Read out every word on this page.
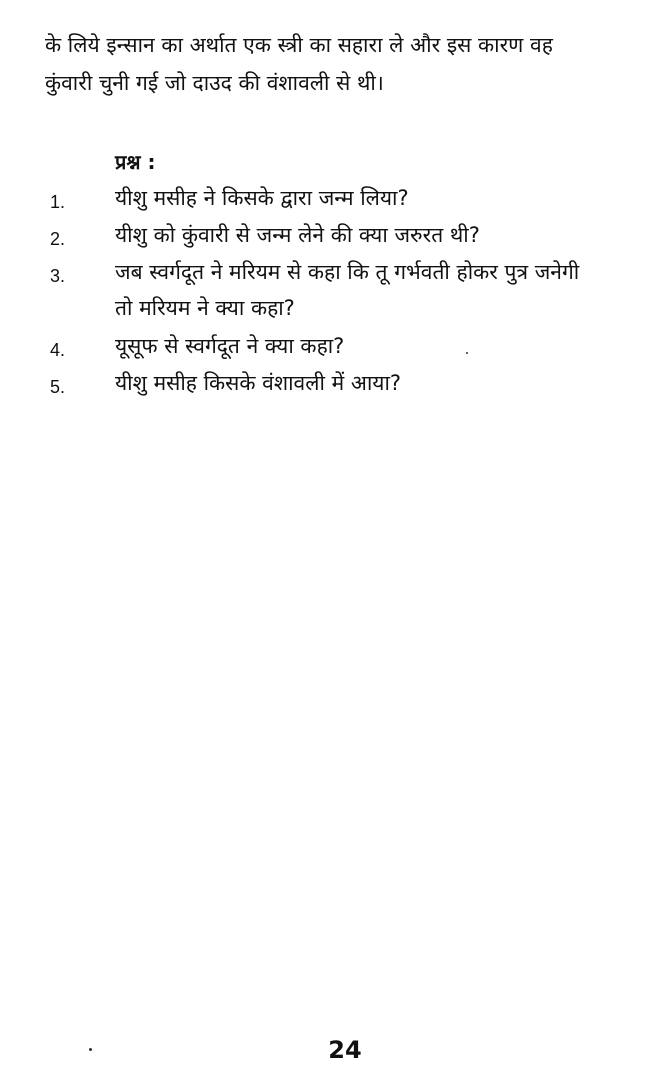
के लिये इन्सान का अर्थात एक स्त्री का सहारा ले और इस कारण वह
कुंवारी चुनी गई जो दाउद की वंशावली से थी।
प्रश्न :
1. यीशु मसीह ने किसके द्वारा जन्म लिया?
2. यीशु को कुंवारी से जन्म लेने की क्या जरुरत थी?
3. जब स्वर्गदूत ने मरियम से कहा कि तू गर्भवती होकर पुत्र जनेगी
तो मरियम ने क्या कहा?
4. यूसूफ से स्वर्गदूत ने क्या कहा?
5. यीशु मसीह किसके वंशावली में आया?
24
